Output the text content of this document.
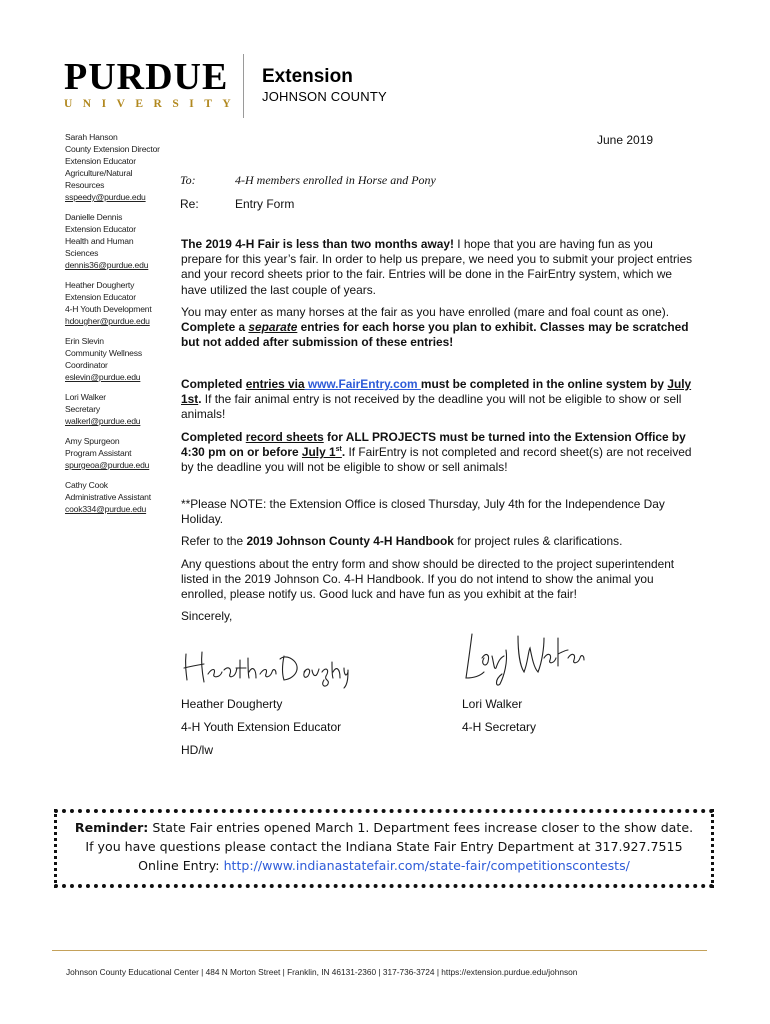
PURDUE
UNIVERSITY
Extension
JOHNSON COUNTY
Sarah Hanson
County Extension Director
Extension Educator
Agriculture/Natural
Resources
sspeedy@purdue.edu
Danielle Dennis
Extension Educator
Health and Human
Sciences
dennis36@purdue.edu
Heather Dougherty
Extension Educator
4-H Youth Development
hdougher@purdue.edu
Erin Slevin
Community Wellness
Coordinator
eslevin@purdue.edu
Lori Walker
Secretary
walkerl@purdue.edu
Amy Spurgeon
Program Assistant
spurgeoa@purdue.edu
Cathy Cook
Administrative Assistant
cook334@purdue.edu
June 2019
To:	4-H members enrolled in Horse and Pony
Re:	Entry Form

The 2019 4-H Fair is less than two months away! I hope that you are having fun as you prepare for this year’s fair. In order to help us prepare, we need you to submit your project entries and your record sheets prior to the fair. Entries will be done in the FairEntry system, which we have utilized the last couple of years.

You may enter as many horses at the fair as you have enrolled (mare and foal count as one). Complete a separate entries for each horse you plan to exhibit. Classes may be scratched but not added after submission of these entries!

Completed entries via www.FairEntry.com must be completed in the online system by July 1st. If the fair animal entry is not received by the deadline you will not be eligible to show or sell animals!

Completed record sheets for ALL PROJECTS must be turned into the Extension Office by 4:30 pm on or before July 1st. If FairEntry is not completed and record sheet(s) are not received by the deadline you will not be eligible to show or sell animals!

**Please NOTE: the Extension Office is closed Thursday, July 4th for the Independence Day Holiday.

Refer to the 2019 Johnson County 4-H Handbook for project rules & clarifications.

Any questions about the entry form and show should be directed to the project superintendent listed in the 2019 Johnson Co. 4-H Handbook. If you do not intend to show the animal you enrolled, please notify us. Good luck and have fun as you exhibit at the fair!

Sincerely,

Heather Dougherty
4-H Youth Extension Educator
HD/lw
Lori Walker
4-H Secretary
Reminder: State Fair entries opened March 1. Department fees increase closer to the show date.
If you have questions please contact the Indiana State Fair Entry Department at 317.927.7515
Online Entry: http://www.indianastatefair.com/state-fair/competitionscontests/
Johnson County Educational Center | 484 N Morton Street | Franklin, IN 46131-2360 | 317-736-3724 | https://extension.purdue.edu/johnson
